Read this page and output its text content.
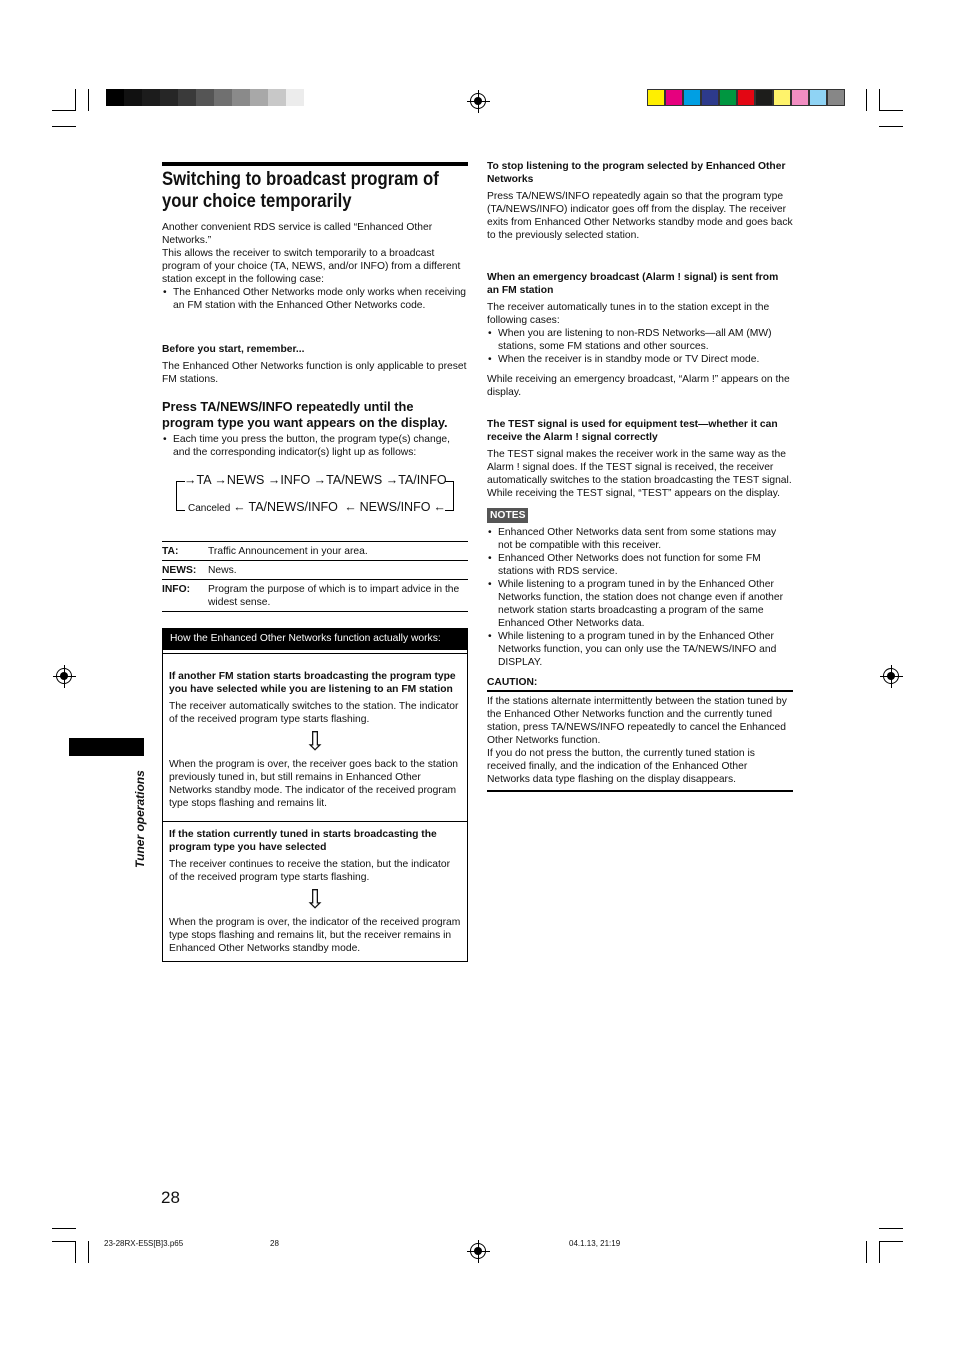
Switching to broadcast program of
your choice temporarily

Another convenient RDS service is called “Enhanced Other Networks.”

This allows the receiver to switch temporarily to a broadcast program of your choice (TA, NEWS, and/or INFO) from a different station except in the following case:

• The Enhanced Other Networks mode only works when receiving an FM station with the Enhanced Other Networks code.

Before you start, remember...

The Enhanced Other Networks function is only applicable to preset FM stations.

Press TA/NEWS/INFO repeatedly until the program type you want appears on the display.

• Each time you press the button, the program type(s) change, and the corresponding indicator(s) light up as follows:
→TA →NEWS →INFO →TA/NEWS →TA/INFO
Canceled ← TA/NEWS/INFO  ← NEWS/INFO ←
TA:	Traffic Announcement in your area.
NEWS:	News.
INFO:	Program the purpose of which is to impart advice in the widest sense.
How the Enhanced Other Networks function actually works:

If another FM station starts broadcasting the program type you have selected while you are listening to an FM station

The receiver automatically switches to the station. The indicator of the received program type starts flashing.

⇩

When the program is over, the receiver goes back to the station previously tuned in, but still remains in Enhanced Other Networks standby mode. The indicator of the received program type stops flashing and remains lit.

If the station currently tuned in starts broadcasting the program type you have selected

The receiver continues to receive the station, but the indicator of the received program type starts flashing.

⇩

When the program is over, the indicator of the received program type stops flashing and remains lit, but the receiver remains in Enhanced Other Networks standby mode.

Tuner operations
28

To stop listening to the program selected by Enhanced Other Networks

Press TA/NEWS/INFO repeatedly again so that the program type (TA/NEWS/INFO) indicator goes off from the display. The receiver exits from Enhanced Other Networks standby mode and goes back to the previously selected station.

When an emergency broadcast (Alarm ! signal) is sent from an FM station

The receiver automatically tunes in to the station except in the following cases:

• When you are listening to non-RDS Networks—all AM (MW) stations, some FM stations and other sources.
• When the receiver is in standby mode or TV Direct mode.

While receiving an emergency broadcast, “Alarm !” appears on the display.

The TEST signal is used for equipment test—whether it can receive the Alarm ! signal correctly

The TEST signal makes the receiver work in the same way as the Alarm ! signal does. If the TEST signal is received, the receiver automatically switches to the station broadcasting the TEST signal.

While receiving the TEST signal, “TEST” appears on the display.

NOTES
• Enhanced Other Networks data sent from some stations may not be compatible with this receiver.
• Enhanced Other Networks does not function for some FM stations with RDS service.
• While listening to a program tuned in by the Enhanced Other Networks function, the station does not change even if another network station starts broadcasting a program of the same Enhanced Other Networks data.
• While listening to a program tuned in by the Enhanced Other Networks function, you can only use the TA/NEWS/INFO and DISPLAY.

CAUTION:

If the stations alternate intermittently between the station tuned by the Enhanced Other Networks function and the currently tuned station, press TA/NEWS/INFO repeatedly to cancel the Enhanced Other Networks function.

If you do not press the button, the currently tuned station is received finally, and the indication of the Enhanced Other Networks data type flashing on the display disappears.

23-28RX-E5S[B]3.p65	28	04.1.13, 21:19
